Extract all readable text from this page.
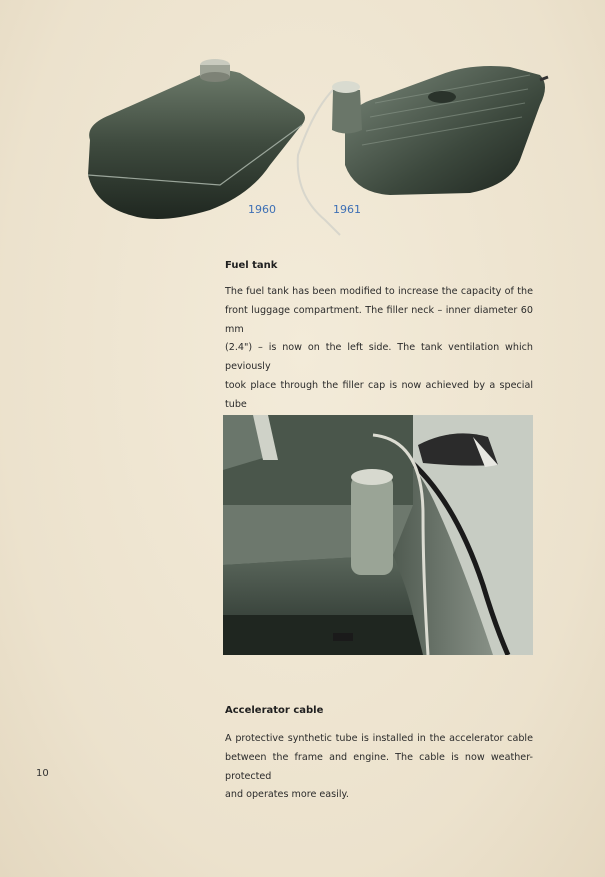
1960	1961
Fuel tank
The fuel tank has been modified to increase the capacity of the
front luggage compartment. The filler neck – inner diameter 60 mm
(2.4") – is now on the left side. The tank ventilation which peviously
took place through the filler cap is now achieved by a special tube
Accelerator cable
A protective synthetic tube is installed in the accelerator cable
between the frame and engine. The cable is now weather-protected
and operates more easily.
10
